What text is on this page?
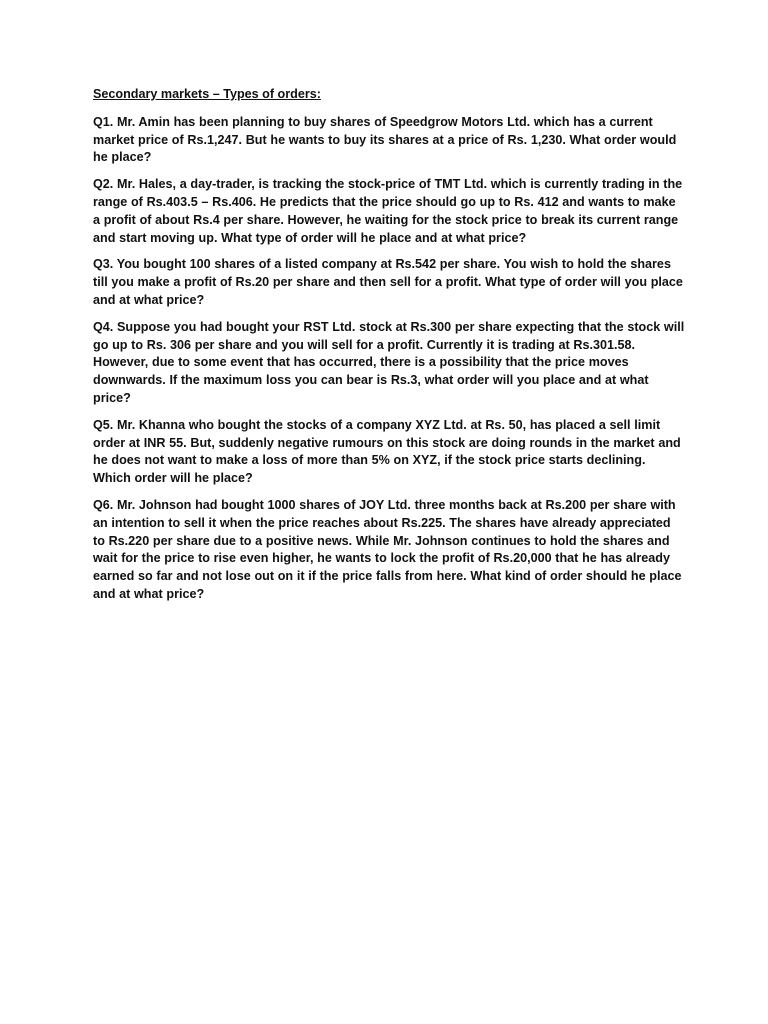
Secondary markets – Types of orders:

Q1. Mr. Amin has been planning to buy shares of Speedgrow Motors Ltd. which has a current market price of Rs.1,247. But he wants to buy its shares at a price of Rs. 1,230. What order would he place?

Q2. Mr. Hales, a day-trader, is tracking the stock-price of TMT Ltd. which is currently trading in the range of Rs.403.5 – Rs.406. He predicts that the price should go up to Rs. 412 and wants to make a profit of about Rs.4 per share. However, he waiting for the stock price to break its current range and start moving up. What type of order will he place and at what price?

Q3. You bought 100 shares of a listed company at Rs.542 per share. You wish to hold the shares till you make a profit of Rs.20 per share and then sell for a profit. What type of order will you place and at what price?

Q4. Suppose you had bought your RST Ltd. stock at Rs.300 per share expecting that the stock will go up to Rs. 306 per share and you will sell for a profit. Currently it is trading at Rs.301.58. However, due to some event that has occurred, there is a possibility that the price moves downwards. If the maximum loss you can bear is Rs.3, what order will you place and at what price?

Q5. Mr. Khanna who bought the stocks of a company XYZ Ltd. at Rs. 50, has placed a sell limit order at INR 55. But, suddenly negative rumours on this stock are doing rounds in the market and he does not want to make a loss of more than 5% on XYZ, if the stock price starts declining. Which order will he place?

Q6. Mr. Johnson had bought 1000 shares of JOY Ltd. three months back at Rs.200 per share with an intention to sell it when the price reaches about Rs.225. The shares have already appreciated to Rs.220 per share due to a positive news. While Mr. Johnson continues to hold the shares and wait for the price to rise even higher, he wants to lock the profit of Rs.20,000 that he has already earned so far and not lose out on it if the price falls from here. What kind of order should he place and at what price?
